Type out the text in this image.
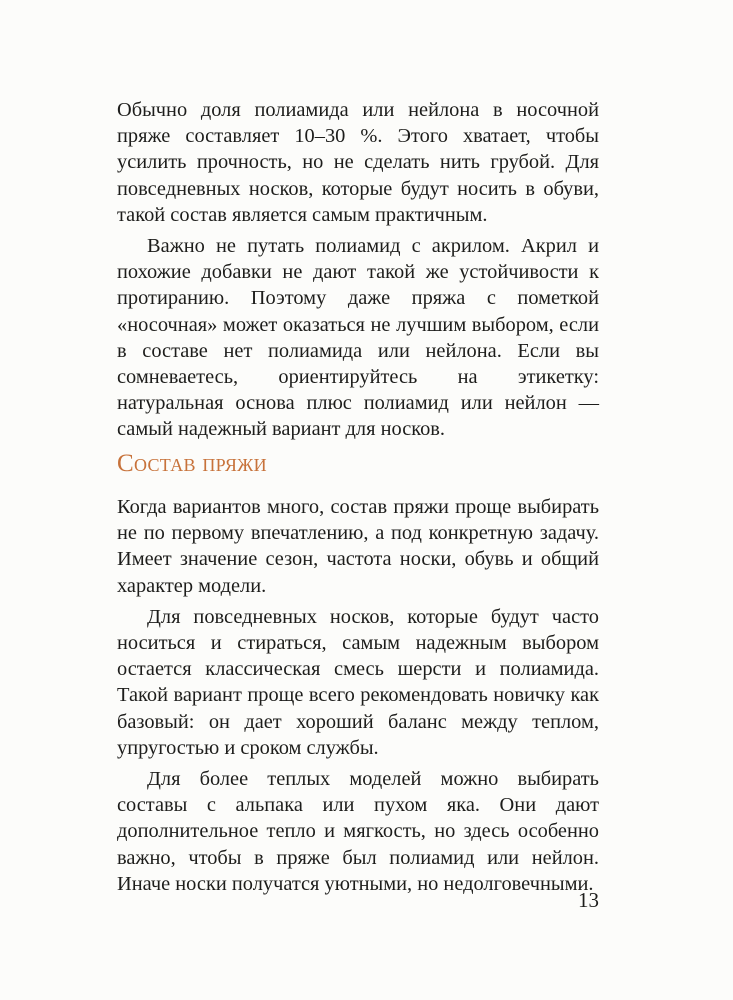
Обычно доля полиамида или нейлона в носочной пряже составляет 10–30 %. Этого хватает, чтобы усилить прочность, но не сделать нить грубой. Для повседневных носков, которые будут носить в обуви, такой состав является самым практичным.

Важно не путать полиамид с акрилом. Акрил и похожие добавки не дают такой же устойчивости к протиранию. Поэтому даже пряжа с пометкой «носочная» может оказаться не лучшим выбором, если в составе нет полиамида или нейлона. Если вы сомневаетесь, ориентируйтесь на этикетку: натуральная основа плюс полиамид или нейлон — самый надежный вариант для носков.

Состав пряжи

Когда вариантов много, состав пряжи проще выбирать не по первому впечатлению, а под конкретную задачу. Имеет значение сезон, частота носки, обувь и общий характер модели.

Для повседневных носков, которые будут часто носиться и стираться, самым надежным выбором остается классическая смесь шерсти и полиамида. Такой вариант проще всего рекомендовать новичку как базовый: он дает хороший баланс между теплом, упругостью и сроком службы.

Для более теплых моделей можно выбирать составы с альпака или пухом яка. Они дают дополнительное тепло и мягкость, но здесь особенно важно, чтобы в пряже был полиамид или нейлон. Иначе носки получатся уютными, но недолговечными.

13
